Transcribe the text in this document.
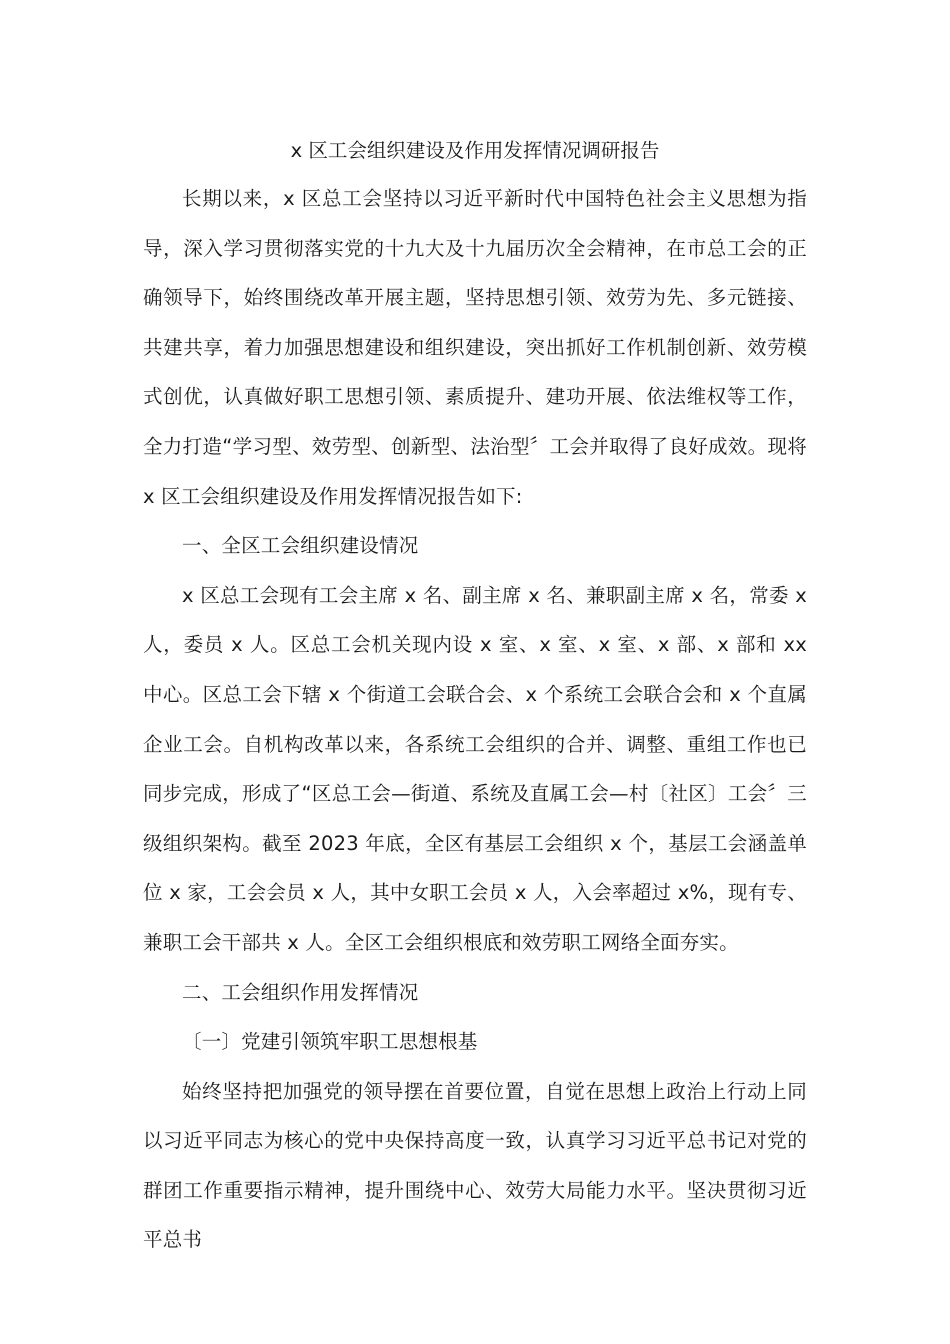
x 区工会组织建设及作用发挥情况调研报告

长期以来，x 区总工会坚持以习近平新时代中国特色社会主义思想为指导，深入学习贯彻落实党的十九大及十九届历次全会精神，在市总工会的正确领导下，始终围绕改革开展主题，坚持思想引领、效劳为先、多元链接、共建共享，着力加强思想建设和组织建设，突出抓好工作机制创新、效劳模式创优，认真做好职工思想引领、素质提升、建功开展、依法维权等工作，全力打造“学习型、效劳型、创新型、法治型〞工会并取得了良好成效。现将 x 区工会组织建设及作用发挥情况报告如下:

一、全区工会组织建设情况

x 区总工会现有工会主席 x 名、副主席 x 名、兼职副主席 x 名，常委 x 人，委员 x 人。区总工会机关现内设 x 室、x 室、x 室、x 部、x 部和 xx 中心。区总工会下辖 x 个街道工会联合会、x 个系统工会联合会和 x 个直属企业工会。自机构改革以来，各系统工会组织的合并、调整、重组工作也已同步完成，形成了“区总工会—街道、系统及直属工会—村〔社区〕工会〞三级组织架构。截至 2023 年底，全区有基层工会组织 x 个，基层工会涵盖单位 x 家，工会会员 x 人，其中女职工会员 x 人，入会率超过 x%，现有专、兼职工会干部共 x 人。全区工会组织根底和效劳职工网络全面夯实。

二、工会组织作用发挥情况

〔一〕党建引领筑牢职工思想根基

始终坚持把加强党的领导摆在首要位置，自觉在思想上政治上行动上同以习近平同志为核心的党中央保持高度一致，认真学习习近平总书记对党的群团工作重要指示精神，提升围绕中心、效劳大局能力水平。坚决贯彻习近平总书
